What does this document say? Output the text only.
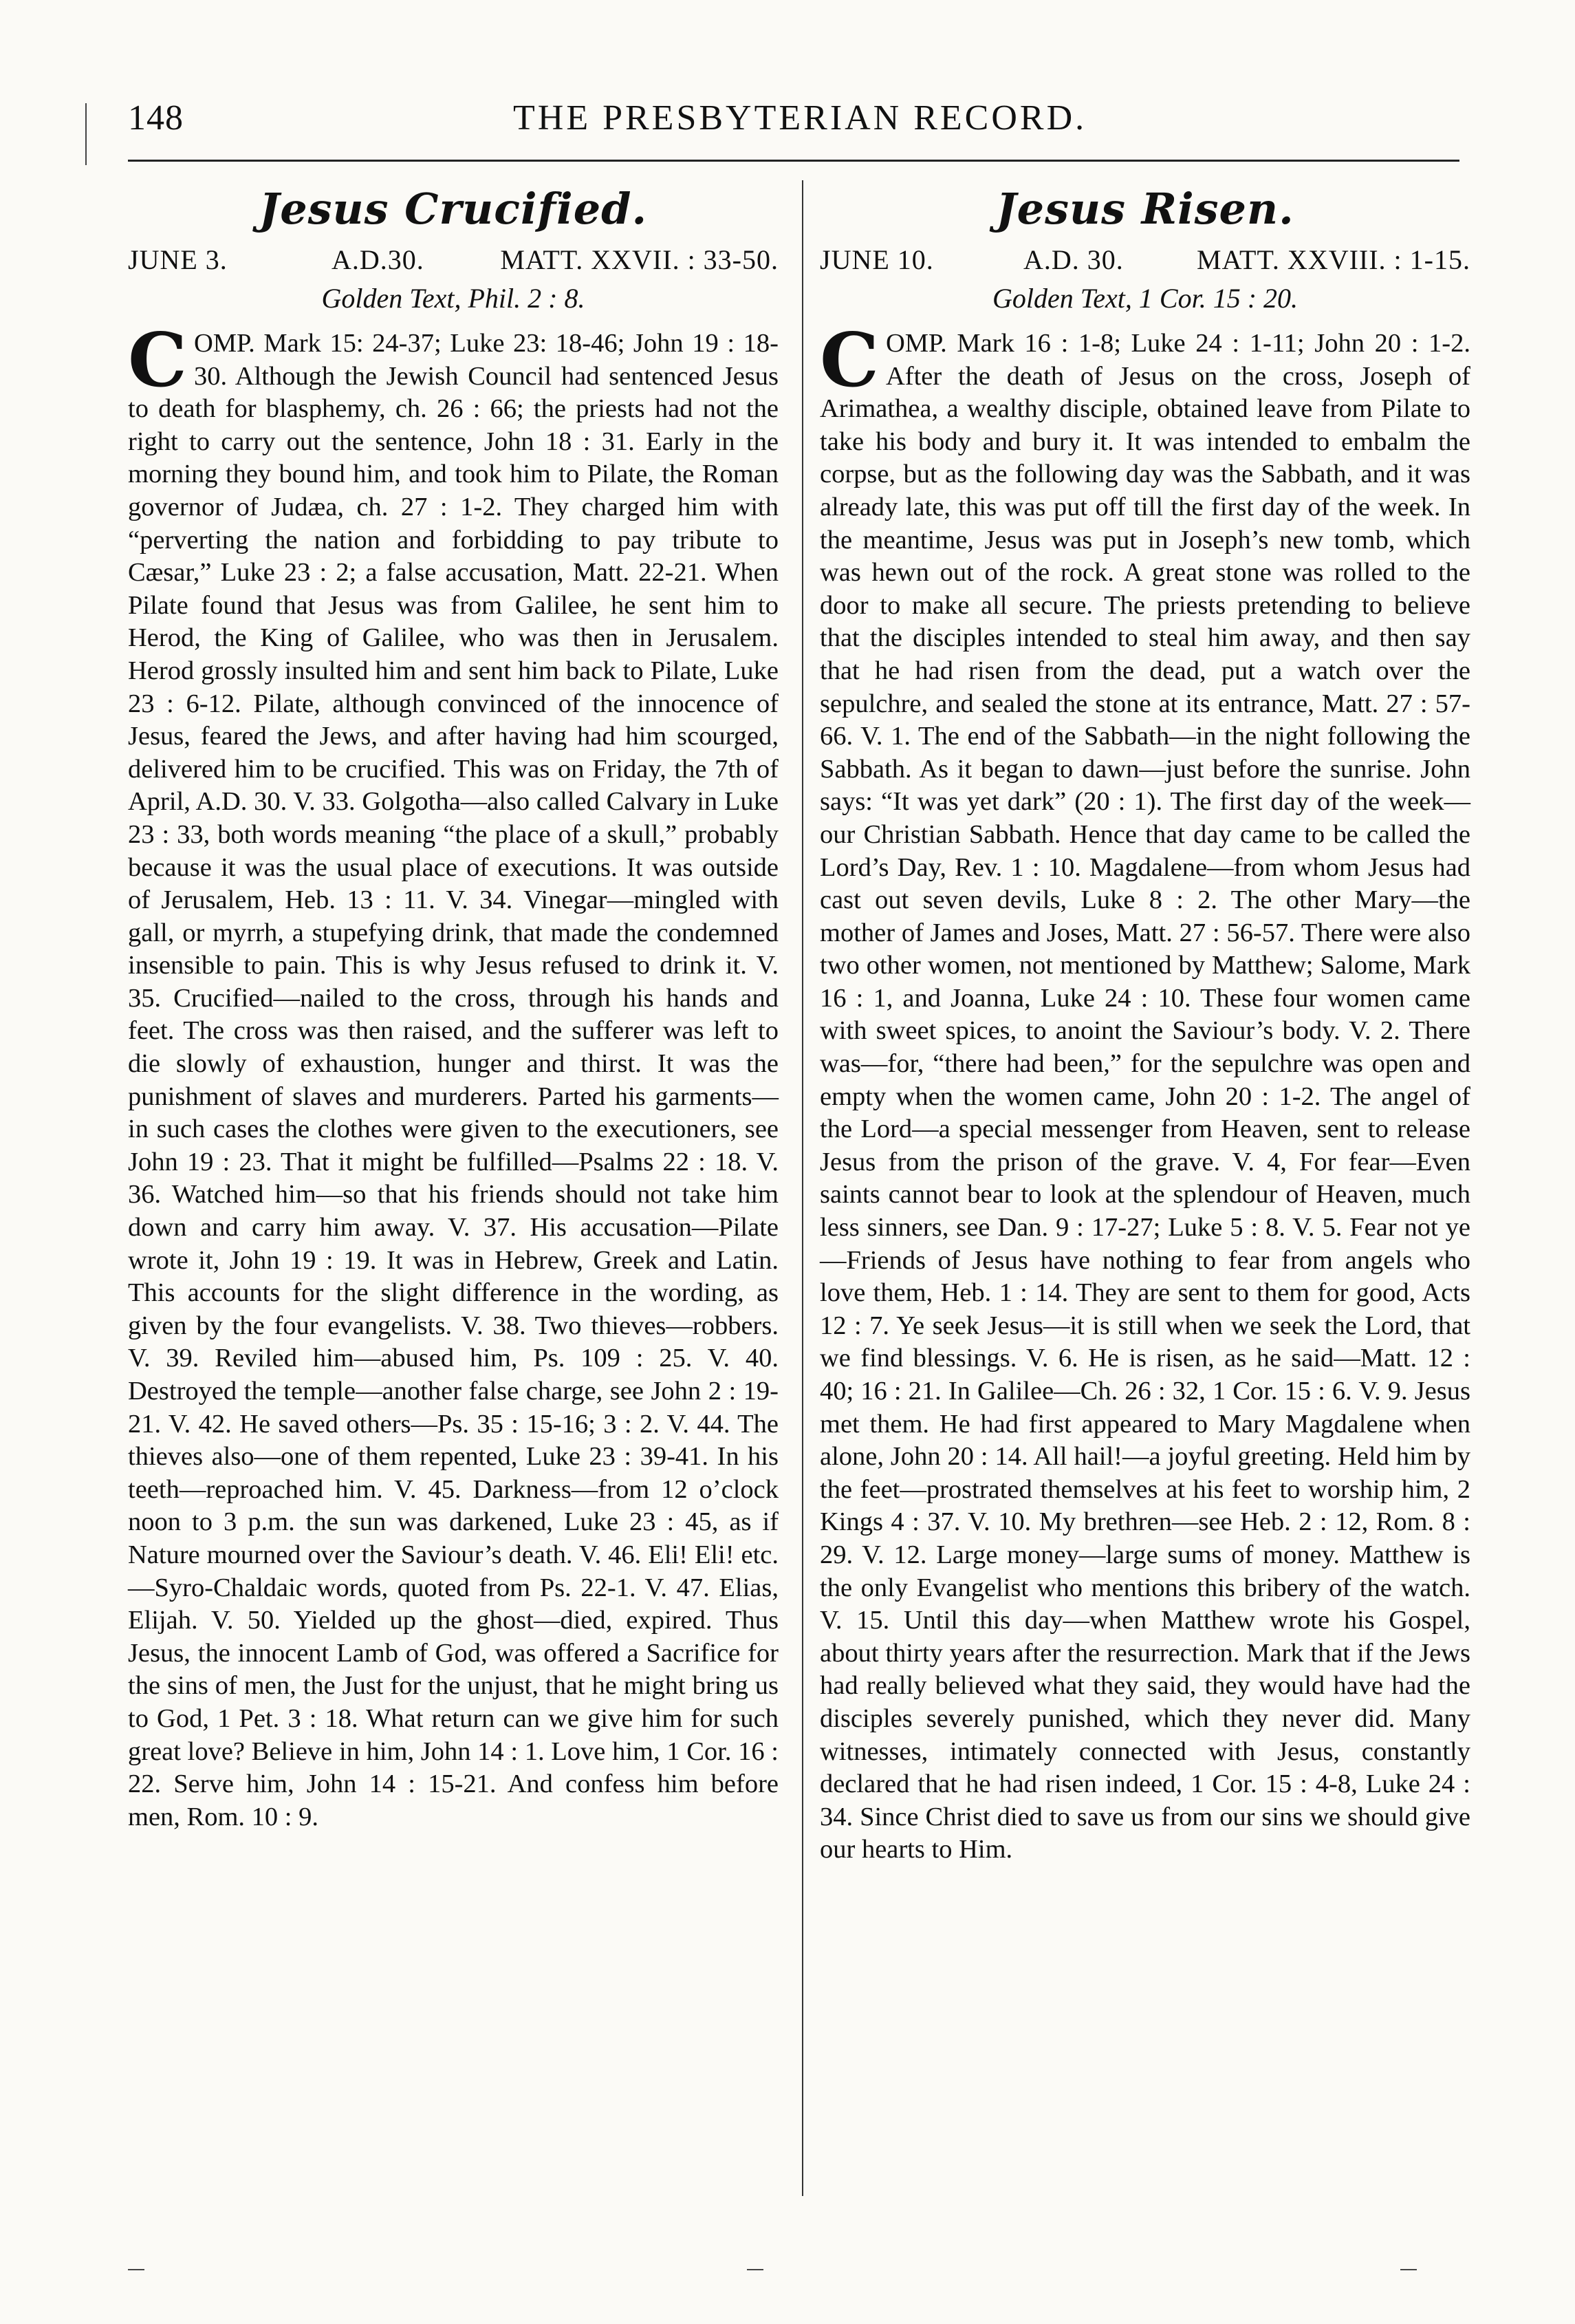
148	THE PRESBYTERIAN RECORD.
Jesus Crucified.
JUNE 3.	A.D.30.	MATT. XXVII. : 33-50.
Golden Text, Phil. 2 : 8.
COMP. Mark 15: 24-37; Luke 23: 18-46; John 19 : 18-30. Although the Jewish Council had sentenced Jesus to death for blasphemy, ch. 26 : 66; the priests had not the right to carry out the sentence, John 18 : 31. Early in the morning they bound him, and took him to Pilate, the Roman governor of Judæa, ch. 27 : 1-2. They charged him with “perverting the nation and forbidding to pay tribute to Cæsar,” Luke 23 : 2; a false accusation, Matt. 22-21. When Pilate found that Jesus was from Galilee, he sent him to Herod, the King of Galilee, who was then in Jerusalem. Herod grossly insulted him and sent him back to Pilate, Luke 23 : 6-12. Pilate, although convinced of the innocence of Jesus, feared the Jews, and after having had him scourged, delivered him to be crucified. This was on Friday, the 7th of April, A.D. 30. V. 33. Golgotha—also called Calvary in Luke 23 : 33, both words meaning “the place of a skull,” probably because it was the usual place of executions. It was outside of Jerusalem, Heb. 13 : 11. V. 34. Vinegar—mingled with gall, or myrrh, a stupefying drink, that made the condemned insensible to pain. This is why Jesus refused to drink it. V. 35. Crucified—nailed to the cross, through his hands and feet. The cross was then raised, and the sufferer was left to die slowly of exhaustion, hunger and thirst. It was the punishment of slaves and murderers. Parted his garments—in such cases the clothes were given to the executioners, see John 19 : 23. That it might be fulfilled—Psalms 22 : 18. V. 36. Watched him—so that his friends should not take him down and carry him away. V. 37. His accusation—Pilate wrote it, John 19 : 19. It was in Hebrew, Greek and Latin. This accounts for the slight difference in the wording, as given by the four evangelists. V. 38. Two thieves—robbers. V. 39. Reviled him—abused him, Ps. 109 : 25. V. 40. Destroyed the temple—another false charge, see John 2 : 19-21. V. 42. He saved others—Ps. 35 : 15-16; 3 : 2. V. 44. The thieves also—one of them repented, Luke 23 : 39-41. In his teeth—reproached him. V. 45. Darkness—from 12 o’clock noon to 3 p.m. the sun was darkened, Luke 23 : 45, as if Nature mourned over the Saviour’s death. V. 46. Eli! Eli! etc.—Syro-Chaldaic words, quoted from Ps. 22-1. V. 47. Elias, Elijah. V. 50. Yielded up the ghost—died, expired. Thus Jesus, the innocent Lamb of God, was offered a Sacrifice for the sins of men, the Just for the unjust, that he might bring us to God, 1 Pet. 3 : 18. What return can we give him for such great love? Believe in him, John 14 : 1. Love him, 1 Cor. 16 : 22. Serve him, John 14 : 15-21. And confess him before men, Rom. 10 : 9.
Jesus Risen.
JUNE 10.	A.D. 30.	MATT. XXVIII. : 1-15.
Golden Text, 1 Cor. 15 : 20.
COMP. Mark 16 : 1-8; Luke 24 : 1-11; John 20 : 1-2. After the death of Jesus on the cross, Joseph of Arimathea, a wealthy disciple, obtained leave from Pilate to take his body and bury it. It was intended to embalm the corpse, but as the following day was the Sabbath, and it was already late, this was put off till the first day of the week. In the meantime, Jesus was put in Joseph’s new tomb, which was hewn out of the rock. A great stone was rolled to the door to make all secure. The priests pretending to believe that the disciples intended to steal him away, and then say that he had risen from the dead, put a watch over the sepulchre, and sealed the stone at its entrance, Matt. 27 : 57-66. V. 1. The end of the Sabbath—in the night following the Sabbath. As it began to dawn—just before the sunrise. John says: “It was yet dark” (20 : 1). The first day of the week—our Christian Sabbath. Hence that day came to be called the Lord’s Day, Rev. 1 : 10. Magdalene—from whom Jesus had cast out seven devils, Luke 8 : 2. The other Mary—the mother of James and Joses, Matt. 27 : 56-57. There were also two other women, not mentioned by Matthew; Salome, Mark 16 : 1, and Joanna, Luke 24 : 10. These four women came with sweet spices, to anoint the Saviour’s body. V. 2. There was—for, “there had been,” for the sepulchre was open and empty when the women came, John 20 : 1-2. The angel of the Lord—a special messenger from Heaven, sent to release Jesus from the prison of the grave. V. 4, For fear—Even saints cannot bear to look at the splendour of Heaven, much less sinners, see Dan. 9 : 17-27; Luke 5 : 8. V. 5. Fear not ye—Friends of Jesus have nothing to fear from angels who love them, Heb. 1 : 14. They are sent to them for good, Acts 12 : 7. Ye seek Jesus—it is still when we seek the Lord, that we find blessings. V. 6. He is risen, as he said—Matt. 12 : 40; 16 : 21. In Galilee—Ch. 26 : 32, 1 Cor. 15 : 6. V. 9. Jesus met them. He had first appeared to Mary Magdalene when alone, John 20 : 14. All hail!—a joyful greeting. Held him by the feet—prostrated themselves at his feet to worship him, 2 Kings 4 : 37. V. 10. My brethren—see Heb. 2 : 12, Rom. 8 : 29. V. 12. Large money—large sums of money. Matthew is the only Evangelist who mentions this bribery of the watch. V. 15. Until this day—when Matthew wrote his Gospel, about thirty years after the resurrection. Mark that if the Jews had really believed what they said, they would have had the disciples severely punished, which they never did. Many witnesses, intimately connected with Jesus, constantly declared that he had risen indeed, 1 Cor. 15 : 4-8, Luke 24 : 34. Since Christ died to save us from our sins we should give our hearts to Him.
